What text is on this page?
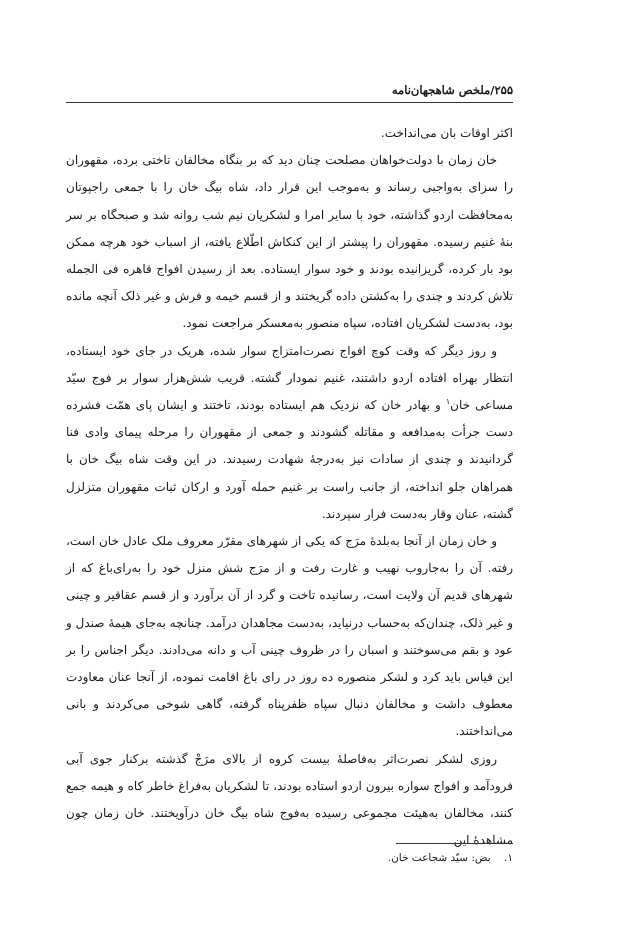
۲۵۵/ملخص شاهجهان‌نامه

اکثر اوقات بان می‌انداخت.

خان زمان با دولت‌خواهان مصلحت چنان دید که بر بنگاه مخالفان تاختی برده، مقهوران را سزای به‌واجبی رساند و به‌موجب این قرار داد، شاه بیگ خان را با جمعی راجپوتان به‌محافظت اردو گذاشته، خود با سایر امرا و لشکریان نیم شب روانه شد و صبحگاه بر سر بنهٔ غنیم رسیده. مقهوران را پیشتر از این کنکاش اطّلاع یافته، از اسباب خود هرچه ممکن بود بار کرده، گریزانیده بودند و خود سوار ایستاده. بعد از رسیدن افواج قاهره فی الجمله تلاش کردند و چندی را به‌کشتن داده گریختند و از قسم خیمه و فرش و غیر ذلک آنچه مانده بود، به‌دست لشکریان افتاده، سپاه منصور به‌معسکر مراجعت نمود.

و روز دیگر که وقت کوچ افواج نصرت‌امتزاج سوار شده، هریک در جای خود ایستاده، انتظار بهراه افتاده اردو داشتند، غنیم نمودار گشته. قریب شش‌هزار سوار بر فوج سیّد مساعی خان$^۱$ و بهادر خان که نزدیک هم ایستاده بودند، تاختند و ایشان پای همّت فشرده دست جرأت به‌مدافعه و مقاتله گشودند و جمعی از مقهوران را مرحله پیمای وادی فنا گردانیدند و چندی از سادات نیز به‌درجهٔ شهادت رسیدند. در این وقت شاه بیگ خان با همراهان جلو انداخته، از جانب راست بر غنیم حمله آورد و ارکان ثبات مقهوران متزلزل گشته، عنان وقار به‌دست فرار سپردند.

و خان زمان از آنجا به‌بلدهٔ مرَج که یکی از شهرهای مقرّر معروف ملک عادل خان است، رفته. آن را به‌جاروب نهیب و غارت رفت و از مرَج شش منزل خود را به‌رای‌باغ که از شهرهای قدیم آن ولایت است، رسانیده تاخت و گرد از آن برآورد و از قسم عقاقیر و چینی و غیر ذلک، چندان‌که به‌حساب درنیاید، به‌دست مجاهدان درآمد. چنانچه به‌جای هیمهٔ صندل و عود و بقم می‌سوختند و اسبان را در ظروف چینی آب و دانه می‌دادند. دیگر اجناس را بر این قیاس باید کرد و لشکر منصوره ده روز در رای باغ اقامت نموده، از آنجا عنان معاودت معطوف داشت و مخالفان دنبال سپاه ظفرپناه گرفته، گاهی شوخی می‌کردند و بانی می‌انداختند.

روزی لشکر نصرت‌اثر به‌فاصلهٔ بیست کروه از بالای مرَجْ گذشته برکنار جوی آبی فرودآمد و افواج سواره بیرون اردو استاده بودند، تا لشکریان به‌فراغ خاطر کاه و هیمه جمع کنند، مخالفان به‌هیئت مجموعی رسیده به‌فوج شاه بیگ خان درآویختند. خان زمان چون مشاهدهٔ این

۱.    بض: سیّد شجاعت خان.
